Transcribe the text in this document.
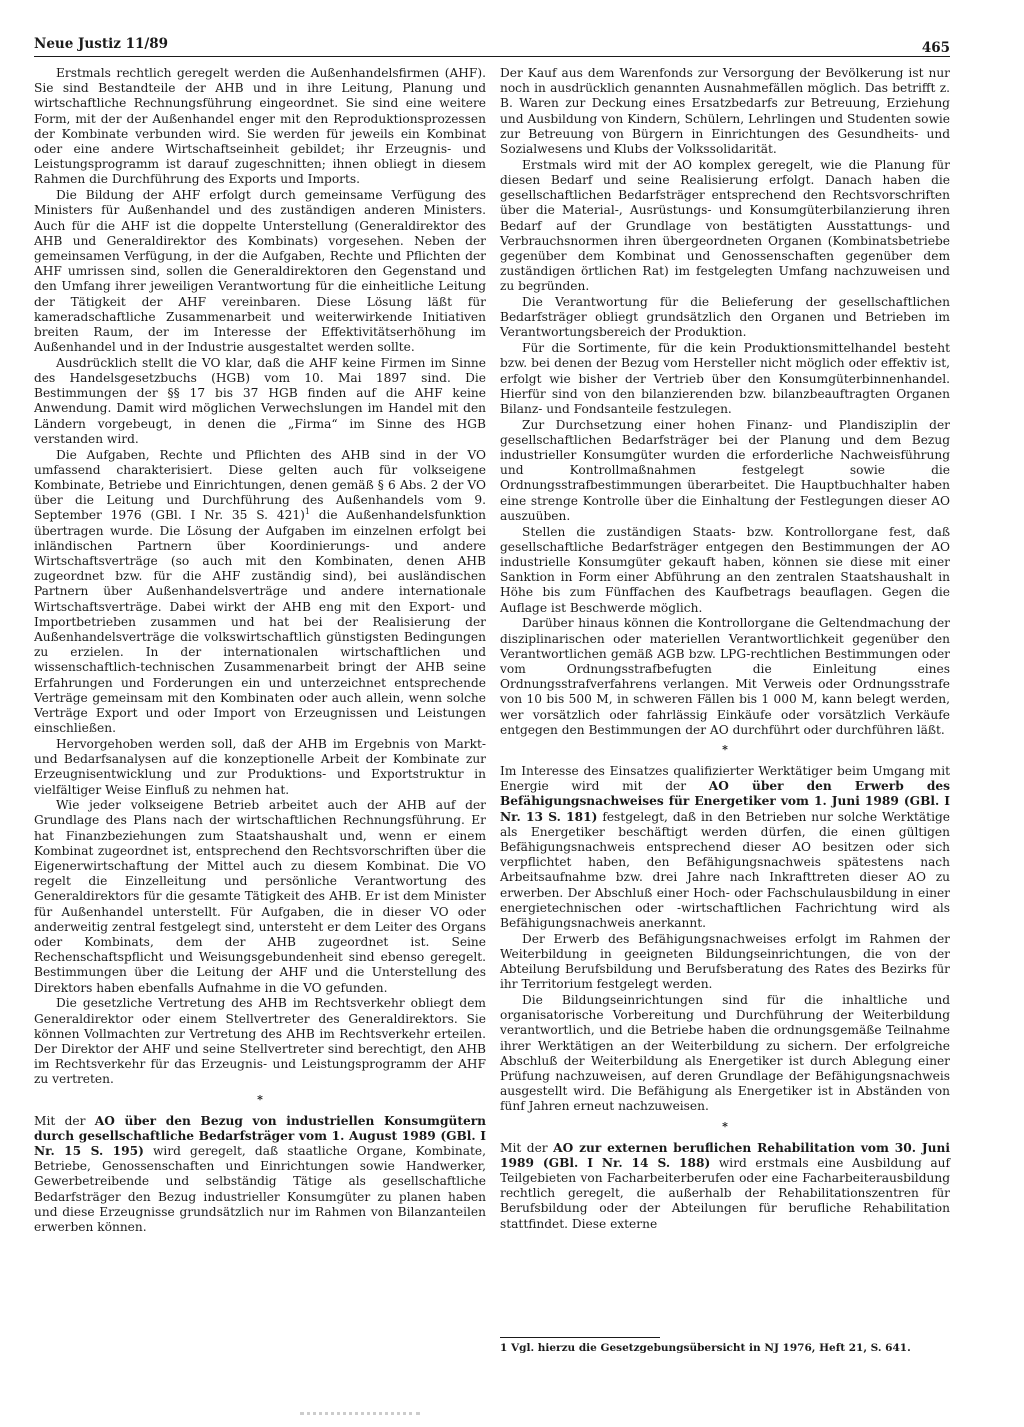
Neue Justiz 11/89	465

Erstmals rechtlich geregelt werden die Außenhandelsfirmen (AHF). Sie sind Bestandteile der AHB und in ihre Leitung, Planung und wirtschaftliche Rechnungsführung eingeordnet. Sie sind eine weitere Form, mit der der Außenhandel enger mit den Reproduktionsprozessen der Kombinate verbunden wird. Sie werden für jeweils ein Kombinat oder eine andere Wirtschaftseinheit gebildet; ihr Erzeugnis- und Leistungsprogramm ist darauf zugeschnitten; ihnen obliegt in diesem Rahmen die Durchführung des Exports und Imports.

Die Bildung der AHF erfolgt durch gemeinsame Verfügung des Ministers für Außenhandel und des zuständigen anderen Ministers. Auch für die AHF ist die doppelte Unterstellung (Generaldirektor des AHB und Generaldirektor des Kombinats) vorgesehen. Neben der gemeinsamen Verfügung, in der die Aufgaben, Rechte und Pflichten der AHF umrissen sind, sollen die Generaldirektoren den Gegenstand und den Umfang ihrer jeweiligen Verantwortung für die einheitliche Leitung der Tätigkeit der AHF vereinbaren. Diese Lösung läßt für kameradschaftliche Zusammenarbeit und weiterwirkende Initiativen breiten Raum, der im Interesse der Effektivitätserhöhung im Außenhandel und in der Industrie ausgestaltet werden sollte.

Ausdrücklich stellt die VO klar, daß die AHF keine Firmen im Sinne des Handelsgesetzbuchs (HGB) vom 10. Mai 1897 sind. Die Bestimmungen der §§ 17 bis 37 HGB finden auf die AHF keine Anwendung. Damit wird möglichen Verwechslungen im Handel mit den Ländern vorgebeugt, in denen die „Firma“ im Sinne des HGB verstanden wird.

Die Aufgaben, Rechte und Pflichten des AHB sind in der VO umfassend charakterisiert. Diese gelten auch für volkseigene Kombinate, Betriebe und Einrichtungen, denen gemäß § 6 Abs. 2 der VO über die Leitung und Durchführung des Außenhandels vom 9. September 1976 (GBl. I Nr. 35 S. 421)$^1$ die Außenhandelsfunktion übertragen wurde. Die Lösung der Aufgaben im einzelnen erfolgt bei inländischen Partnern über Koordinierungs- und andere Wirtschaftsverträge (so auch mit den Kombinaten, denen AHB zugeordnet bzw. für die AHF zuständig sind), bei ausländischen Partnern über Außenhandelsverträge und andere internationale Wirtschaftsverträge. Dabei wirkt der AHB eng mit den Export- und Importbetrieben zusammen und hat bei der Realisierung der Außenhandelsverträge die volkswirtschaftlich günstigsten Bedingungen zu erzielen. In der internationalen wirtschaftlichen und wissenschaftlich-technischen Zusammenarbeit bringt der AHB seine Erfahrungen und Forderungen ein und unterzeichnet entsprechende Verträge gemeinsam mit den Kombinaten oder auch allein, wenn solche Verträge Export und oder Import von Erzeugnissen und Leistungen einschließen.

Hervorgehoben werden soll, daß der AHB im Ergebnis von Markt- und Bedarfsanalysen auf die konzeptionelle Arbeit der Kombinate zur Erzeugnisentwicklung und zur Produktions- und Exportstruktur in vielfältiger Weise Einfluß zu nehmen hat.

Wie jeder volkseigene Betrieb arbeitet auch der AHB auf der Grundlage des Plans nach der wirtschaftlichen Rechnungsführung. Er hat Finanzbeziehungen zum Staatshaushalt und, wenn er einem Kombinat zugeordnet ist, entsprechend den Rechtsvorschriften über die Eigenerwirtschaftung der Mittel auch zu diesem Kombinat. Die VO regelt die Einzelleitung und persönliche Verantwortung des Generaldirektors für die gesamte Tätigkeit des AHB. Er ist dem Minister für Außenhandel unterstellt. Für Aufgaben, die in dieser VO oder anderweitig zentral festgelegt sind, untersteht er dem Leiter des Organs oder Kombinats, dem der AHB zugeordnet ist. Seine Rechenschaftspflicht und Weisungsgebundenheit sind ebenso geregelt. Bestimmungen über die Leitung der AHF und die Unterstellung des Direktors haben ebenfalls Aufnahme in die VO gefunden.

Die gesetzliche Vertretung des AHB im Rechtsverkehr obliegt dem Generaldirektor oder einem Stellvertreter des Generaldirektors. Sie können Vollmachten zur Vertretung des AHB im Rechtsverkehr erteilen. Der Direktor der AHF und seine Stellvertreter sind berechtigt, den AHB im Rechtsverkehr für das Erzeugnis- und Leistungsprogramm der AHF zu vertreten.

*

Mit der AO über den Bezug von industriellen Konsumgütern durch gesellschaftliche Bedarfsträger vom 1. August 1989 (GBl. I Nr. 15 S. 195) wird geregelt, daß staatliche Organe, Kombinate, Betriebe, Genossenschaften und Einrichtungen sowie Handwerker, Gewerbetreibende und selbständig Tätige als gesellschaftliche Bedarfsträger den Bezug industrieller Konsumgüter zu planen haben und diese Erzeugnisse grundsätzlich nur im Rahmen von Bilanzanteilen erwerben können.

Der Kauf aus dem Warenfonds zur Versorgung der Bevölkerung ist nur noch in ausdrücklich genannten Ausnahmefällen möglich. Das betrifft z. B. Waren zur Deckung eines Ersatzbedarfs zur Betreuung, Erziehung und Ausbildung von Kindern, Schülern, Lehrlingen und Studenten sowie zur Betreuung von Bürgern in Einrichtungen des Gesundheits- und Sozialwesens und Klubs der Volkssolidarität.

Erstmals wird mit der AO komplex geregelt, wie die Planung für diesen Bedarf und seine Realisierung erfolgt. Danach haben die gesellschaftlichen Bedarfsträger entsprechend den Rechtsvorschriften über die Material-, Ausrüstungs- und Konsumgüterbilanzierung ihren Bedarf auf der Grundlage von bestätigten Ausstattungs- und Verbrauchsnormen ihren übergeordneten Organen (Kombinatsbetriebe gegenüber dem Kombinat und Genossenschaften gegenüber dem zuständigen örtlichen Rat) im festgelegten Umfang nachzuweisen und zu begründen.

Die Verantwortung für die Belieferung der gesellschaftlichen Bedarfsträger obliegt grundsätzlich den Organen und Betrieben im Verantwortungsbereich der Produktion.

Für die Sortimente, für die kein Produktionsmittelhandel besteht bzw. bei denen der Bezug vom Hersteller nicht möglich oder effektiv ist, erfolgt wie bisher der Vertrieb über den Konsumgüterbinnenhandel. Hierfür sind von den bilanzierenden bzw. bilanzbeauftragten Organen Bilanz- und Fondsanteile festzulegen.

Zur Durchsetzung einer hohen Finanz- und Plandisziplin der gesellschaftlichen Bedarfsträger bei der Planung und dem Bezug industrieller Konsumgüter wurden die erforderliche Nachweisführung und Kontrollmaßnahmen festgelegt sowie die Ordnungsstrafbestimmungen überarbeitet. Die Hauptbuchhalter haben eine strenge Kontrolle über die Einhaltung der Festlegungen dieser AO auszuüben.

Stellen die zuständigen Staats- bzw. Kontrollorgane fest, daß gesellschaftliche Bedarfsträger entgegen den Bestimmungen der AO industrielle Konsumgüter gekauft haben, können sie diese mit einer Sanktion in Form einer Abführung an den zentralen Staatshaushalt in Höhe bis zum Fünffachen des Kaufbetrags beauflagen. Gegen die Auflage ist Beschwerde möglich.

Darüber hinaus können die Kontrollorgane die Geltendmachung der disziplinarischen oder materiellen Verantwortlichkeit gegenüber den Verantwortlichen gemäß AGB bzw. LPG-rechtlichen Bestimmungen oder vom Ordnungsstrafbefugten die Einleitung eines Ordnungsstrafverfahrens verlangen. Mit Verweis oder Ordnungsstrafe von 10 bis 500 M, in schweren Fällen bis 1 000 M, kann belegt werden, wer vorsätzlich oder fahrlässig Einkäufe oder vorsätzlich Verkäufe entgegen den Bestimmungen der AO durchführt oder durchführen läßt.

*

Im Interesse des Einsatzes qualifizierter Werktätiger beim Umgang mit Energie wird mit der AO über den Erwerb des Befähigungsnachweises für Energetiker vom 1. Juni 1989 (GBl. I Nr. 13 S. 181) festgelegt, daß in den Betrieben nur solche Werktätige als Energetiker beschäftigt werden dürfen, die einen gültigen Befähigungsnachweis entsprechend dieser AO besitzen oder sich verpflichtet haben, den Befähigungsnachweis spätestens nach Arbeitsaufnahme bzw. drei Jahre nach Inkrafttreten dieser AO zu erwerben. Der Abschluß einer Hoch- oder Fachschulausbildung in einer energietechnischen oder -wirtschaftlichen Fachrichtung wird als Befähigungsnachweis anerkannt.

Der Erwerb des Befähigungsnachweises erfolgt im Rahmen der Weiterbildung in geeigneten Bildungseinrichtungen, die von der Abteilung Berufsbildung und Berufsberatung des Rates des Bezirks für ihr Territorium festgelegt werden.

Die Bildungseinrichtungen sind für die inhaltliche und organisatorische Vorbereitung und Durchführung der Weiterbildung verantwortlich, und die Betriebe haben die ordnungsgemäße Teilnahme ihrer Werktätigen an der Weiterbildung zu sichern. Der erfolgreiche Abschluß der Weiterbildung als Energetiker ist durch Ablegung einer Prüfung nachzuweisen, auf deren Grundlage der Befähigungsnachweis ausgestellt wird. Die Befähigung als Energetiker ist in Abständen von fünf Jahren erneut nachzuweisen.

*

Mit der AO zur externen beruflichen Rehabilitation vom 30. Juni 1989 (GBl. I Nr. 14 S. 188) wird erstmals eine Ausbildung auf Teilgebieten von Facharbeiterberufen oder eine Facharbeiterausbildung rechtlich geregelt, die außerhalb der Rehabilitationszentren für Berufsbildung oder der Abteilungen für berufliche Rehabilitation stattfindet. Diese externe

1 Vgl. hierzu die Gesetzgebungsübersicht in NJ 1976, Heft 21, S. 641.
